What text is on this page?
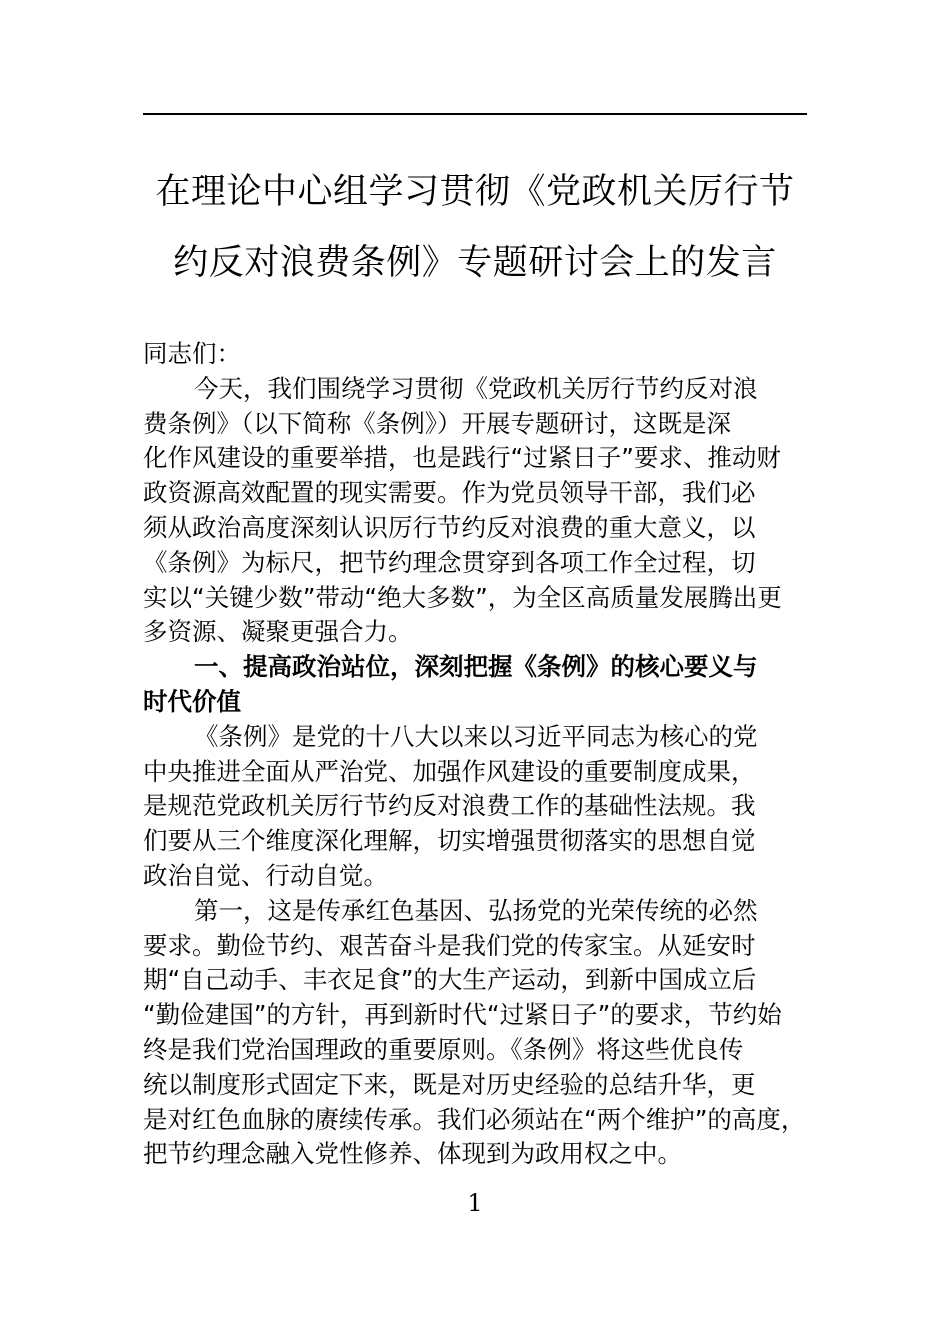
在理论中心组学习贯彻《党政机关厉行节
约反对浪费条例》专题研讨会上的发言
同志们：
今天，我们围绕学习贯彻《党政机关厉行节约反对浪
费条例》（以下简称《条例》）开展专题研讨，这既是深
化作风建设的重要举措，也是践行“过紧日子”要求、推动财
政资源高效配置的现实需要。作为党员领导干部，我们必
须从政治高度深刻认识厉行节约反对浪费的重大意义，以
《条例》为标尺，把节约理念贯穿到各项工作全过程，切
实以“关键少数”带动“绝大多数”，为全区高质量发展腾出更
多资源、凝聚更强合力。
一、提高政治站位，深刻把握《条例》的核心要义与
时代价值
《条例》是党的十八大以来以习近平同志为核心的党
中央推进全面从严治党、加强作风建设的重要制度成果，
是规范党政机关厉行节约反对浪费工作的基础性法规。我
们要从三个维度深化理解，切实增强贯彻落实的思想自觉
政治自觉、行动自觉。
第一，这是传承红色基因、弘扬党的光荣传统的必然
要求。勤俭节约、艰苦奋斗是我们党的传家宝。从延安时
期“自己动手、丰衣足食”的大生产运动，到新中国成立后
“勤俭建国”的方针，再到新时代“过紧日子”的要求，节约始
终是我们党治国理政的重要原则。《条例》将这些优良传
统以制度形式固定下来，既是对历史经验的总结升华，更
是对红色血脉的赓续传承。我们必须站在“两个维护”的高度，
把节约理念融入党性修养、体现到为政用权之中。
1
